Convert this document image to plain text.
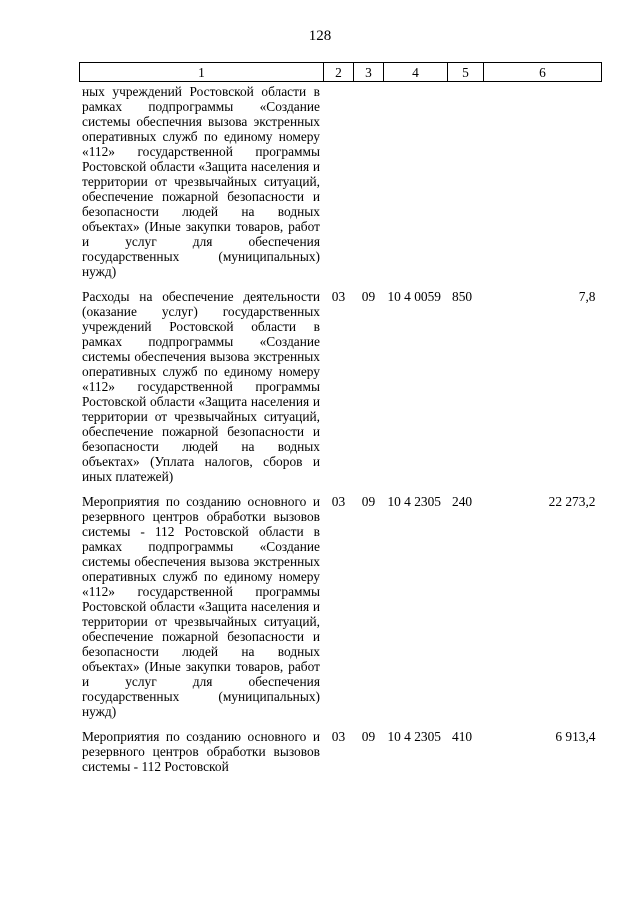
128
1	2	3	4	5	6
ных учреждений Ростовской области в рамках подпрограммы «Создание системы обеспечния вызова экстренных оперативных служб по единому номеру «112» государственной программы Ростовской области «Защита населения и территории от чрезвычайных ситуаций, обеспечение пожарной безопасности и безопасности людей на водных объектах» (Иные закупки товаров, работ и услуг для обеспечения государственных (муниципальных) нужд)					
Расходы на обеспечение деятельности (оказание услуг) государственных учреждений Ростовской области в рамках подпрограммы «Создание системы обеспечения вызова экстренных оперативных служб по единому номеру «112» государственной программы Ростовской области «Защита населения и территории от чрезвычайных ситуаций, обеспечение пожарной безопасности и безопасности людей на водных объектах» (Уплата налогов, сборов и иных платежей)	03	09	10 4 0059	850	7,8
Мероприятия по созданию основного и резервного центров обработки вызовов системы - 112 Ростовской области в рамках подпрограммы «Создание системы обеспечения вызова экстренных оперативных служб по единому номеру «112» государственной программы Ростовской области «Защита населения и территории от чрезвычайных ситуаций, обеспечение пожарной безопасности и безопасности людей на водных объектах» (Иные закупки товаров, работ и услуг для обеспечения государственных (муниципальных) нужд)	03	09	10 4 2305	240	22 273,2
Мероприятия по созданию основного и резервного центров обработки вызовов системы - 112 Ростовской	03	09	10 4 2305	410	6 913,4
